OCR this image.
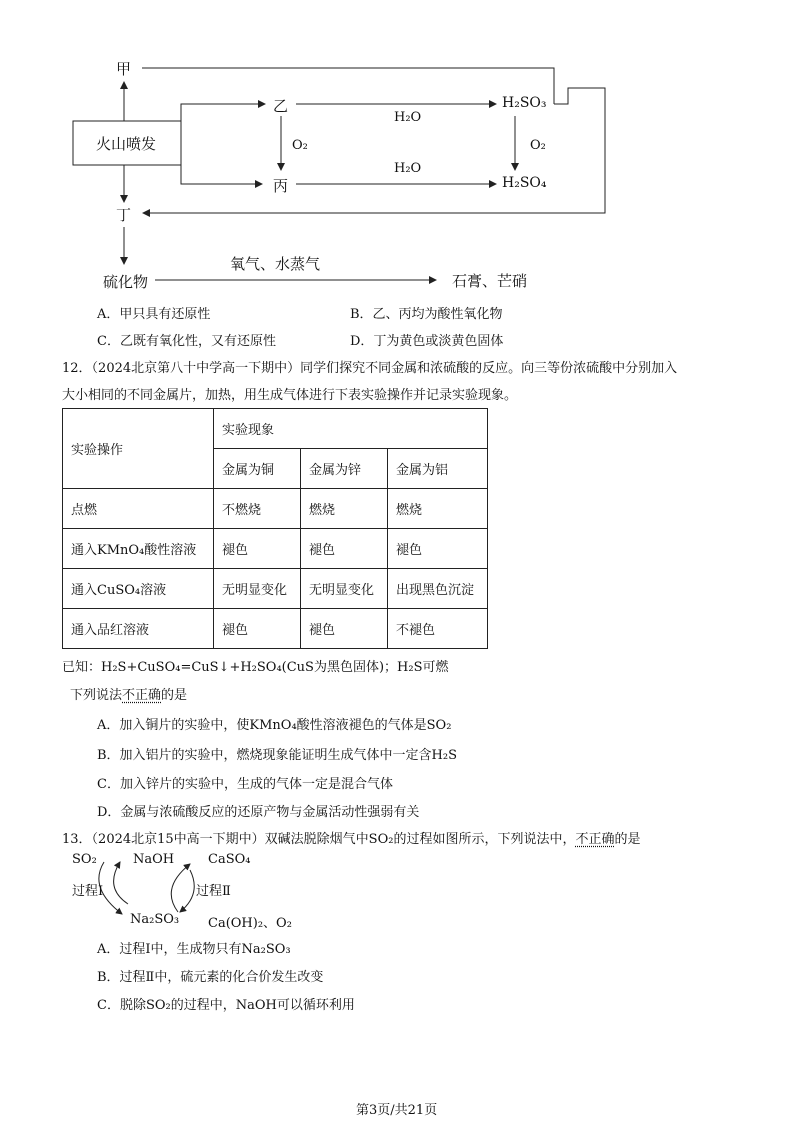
甲
火山喷发
乙
丙
丁
H₂SO₃
H₂SO₄
H₂O
H₂O
O₂	O₂
硫化物
氧气、水蒸气
石膏、芒硝
A．甲只具有还原性	B．乙、丙均为酸性氧化物
C．乙既有氧化性，又有还原性	D．丁为黄色或淡黄色固体
12．（2024北京第八十中学高一下期中）同学们探究不同金属和浓硫酸的反应。向三等份浓硫酸中分别加入
大小相同的不同金属片，加热，用生成气体进行下表实验操作并记录实验现象。
实验操作	实验现象		
	金属为铜	金属为锌	金属为铝
点燃	不燃烧	燃烧	燃烧
通入KMnO₄酸性溶液	褪色	褪色	褪色
通入CuSO₄溶液	无明显变化	无明显变化	出现黑色沉淀
通入品红溶液	褪色	褪色	不褪色
已知：H₂S+CuSO₄=CuS↓+H₂SO₄(CuS为黑色固体)；H₂S可燃
下列说法不正确的是
A．加入铜片的实验中，使KMnO₄酸性溶液褪色的气体是SO₂
B．加入铝片的实验中，燃烧现象能证明生成气体中一定含H₂S
C．加入锌片的实验中，生成的气体一定是混合气体
D．金属与浓硫酸反应的还原产物与金属活动性强弱有关
13．（2024北京15中高一下期中）双碱法脱除烟气中SO₂的过程如图所示，下列说法中，不正确的是
SO₂	NaOH	CaSO₄
过程Ⅰ	过程Ⅱ
Na₂SO₃ Ca(OH)₂、O₂
A．过程Ⅰ中，生成物只有Na₂SO₃
B．过程Ⅱ中，硫元素的化合价发生改变
C．脱除SO₂的过程中，NaOH可以循环利用
第3页/共21页
